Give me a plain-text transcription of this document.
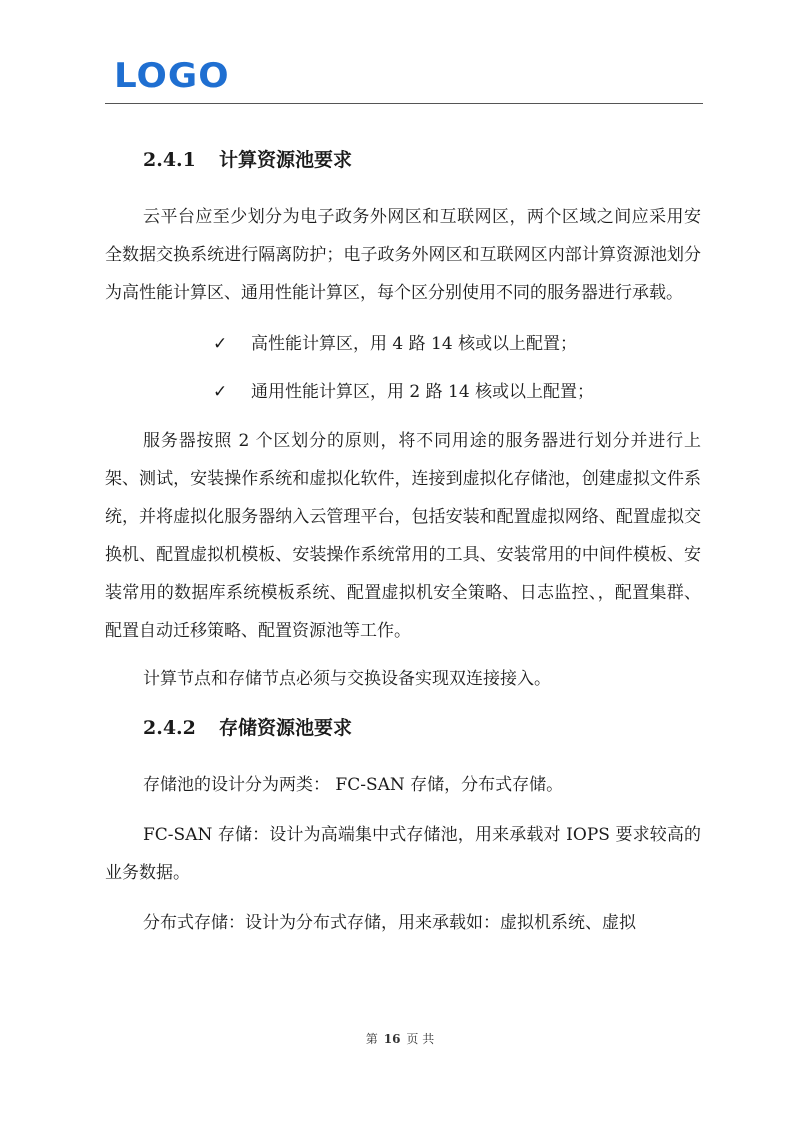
LOGO
2.4.1	计算资源池要求

云平台应至少划分为电子政务外网区和互联网区，两个区域之间应采用安全数据交换系统进行隔离防护；电子政务外网区和互联网区内部计算资源池划分为高性能计算区、通用性能计算区，每个区分别使用不同的服务器进行承载。

✓	高性能计算区，用 4 路 14 核或以上配置；
✓	通用性能计算区，用 2 路 14 核或以上配置；

服务器按照 2 个区划分的原则，将不同用途的服务器进行划分并进行上架、测试，安装操作系统和虚拟化软件，连接到虚拟化存储池，创建虚拟文件系统，并将虚拟化服务器纳入云管理平台，包括安装和配置虚拟网络、配置虚拟交换机、配置虚拟机模板、安装操作系统常用的工具、安装常用的中间件模板、安装常用的数据库系统模板系统、配置虚拟机安全策略、日志监控、，配置集群、配置自动迁移策略、配置资源池等工作。

计算节点和存储节点必须与交换设备实现双连接接入。

2.4.2	存储资源池要求

存储池的设计分为两类： FC-SAN 存储，分布式存储。

FC-SAN 存储：设计为高端集中式存储池，用来承载对 IOPS 要求较高的业务数据。

分布式存储：设计为分布式存储，用来承载如：虚拟机系统、虚拟

第 16 页 共
